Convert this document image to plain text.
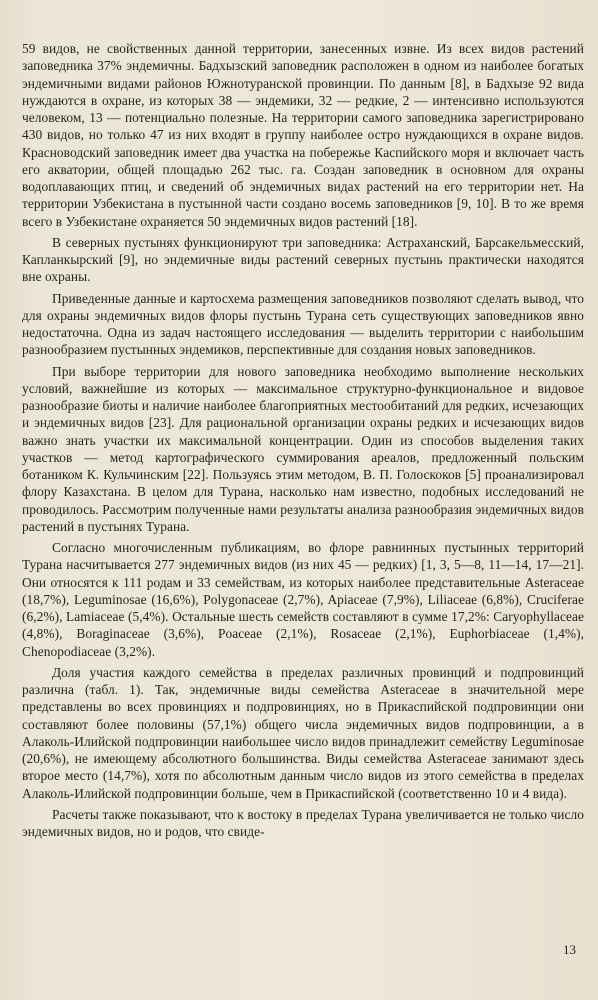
59 видов, не свойственных данной территории, занесенных извне. Из всех видов растений заповедника 37% эндемичны. Бадхызский заповедник расположен в одном из наиболее богатых эндемичными видами районов Южнотуранской провинции. По данным [8], в Бадхызе 92 вида нуждаются в охране, из которых 38 — эндемики, 32 — редкие, 2 — интенсивно используются человеком, 13 — потенциально полезные. На территории самого заповедника зарегистрировано 430 видов, но только 47 из них входят в группу наиболее остро нуждающихся в охране видов. Красноводский заповедник имеет два участка на побережье Каспийского моря и включает часть его акватории, общей площадью 262 тыс. га. Создан заповедник в основном для охраны водоплавающих птиц, и сведений об эндемичных видах растений на его территории нет. На территории Узбекистана в пустынной части создано восемь заповедников [9, 10]. В то же время всего в Узбекистане охраняется 50 эндемичных видов растений [18].

В северных пустынях функционируют три заповедника: Астраханский, Барсакельмесский, Капланкырский [9], но эндемичные виды растений северных пустынь практически находятся вне охраны.

Приведенные данные и картосхема размещения заповедников позволяют сделать вывод, что для охраны эндемичных видов флоры пустынь Турана сеть существующих заповедников явно недостаточна. Одна из задач настоящего исследования — выделить территории с наибольшим разнообразием пустынных эндемиков, перспективные для создания новых заповедников.

При выборе территории для нового заповедника необходимо выполнение нескольких условий, важнейшие из которых — максимальное структурно-функциональное и видовое разнообразие биоты и наличие наиболее благоприятных местообитаний для редких, исчезающих и эндемичных видов [23]. Для рациональной организации охраны редких и исчезающих видов важно знать участки их максимальной концентрации. Один из способов выделения таких участков — метод картографического суммирования ареалов, предложенный польским ботаником К. Кульчинским [22]. Пользуясь этим методом, В. П. Голоскоков [5] проанализировал флору Казахстана. В целом для Турана, насколько нам известно, подобных исследований не проводилось. Рассмотрим полученные нами результаты анализа разнообразия эндемичных видов растений в пустынях Турана.

Согласно многочисленным публикациям, во флоре равнинных пустынных территорий Турана насчитывается 277 эндемичных видов (из них 45 — редких) [1, 3, 5—8, 11—14, 17—21]. Они относятся к 111 родам и 33 семействам, из которых наиболее представительные Asteraceae (18,7%), Leguminosae (16,6%), Polygonaceae (2,7%), Apiaceae (7,9%), Liliaceae (6,8%), Cruciferae (6,2%), Lamiaceae (5,4%). Остальные шесть семейств составляют в сумме 17,2%: Caryophyllaceae (4,8%), Boraginaceae (3,6%), Poaceae (2,1%), Rosaceae (2,1%), Euphorbiaceae (1,4%), Chenopodiaceae (3,2%).

Доля участия каждого семейства в пределах различных провинций и подпровинций различна (табл. 1). Так, эндемичные виды семейства Asteraceae в значительной мере представлены во всех провинциях и подпровинциях, но в Прикаспийской подпровинции они составляют более половины (57,1%) общего числа эндемичных видов подпровинции, а в Алаколь-Илийской подпровинции наибольшее число видов принадлежит семейству Leguminosae (20,6%), не имеющему абсолютного большинства. Виды семейства Asteraceae занимают здесь второе место (14,7%), хотя по абсолютным данным число видов из этого семейства в пределах Алаколь-Илийской подпровинции больше, чем в Прикаспийской (соответственно 10 и 4 вида).

Расчеты также показывают, что к востоку в пределах Турана увеличивается не только число эндемичных видов, но и родов, что свиде-

13
